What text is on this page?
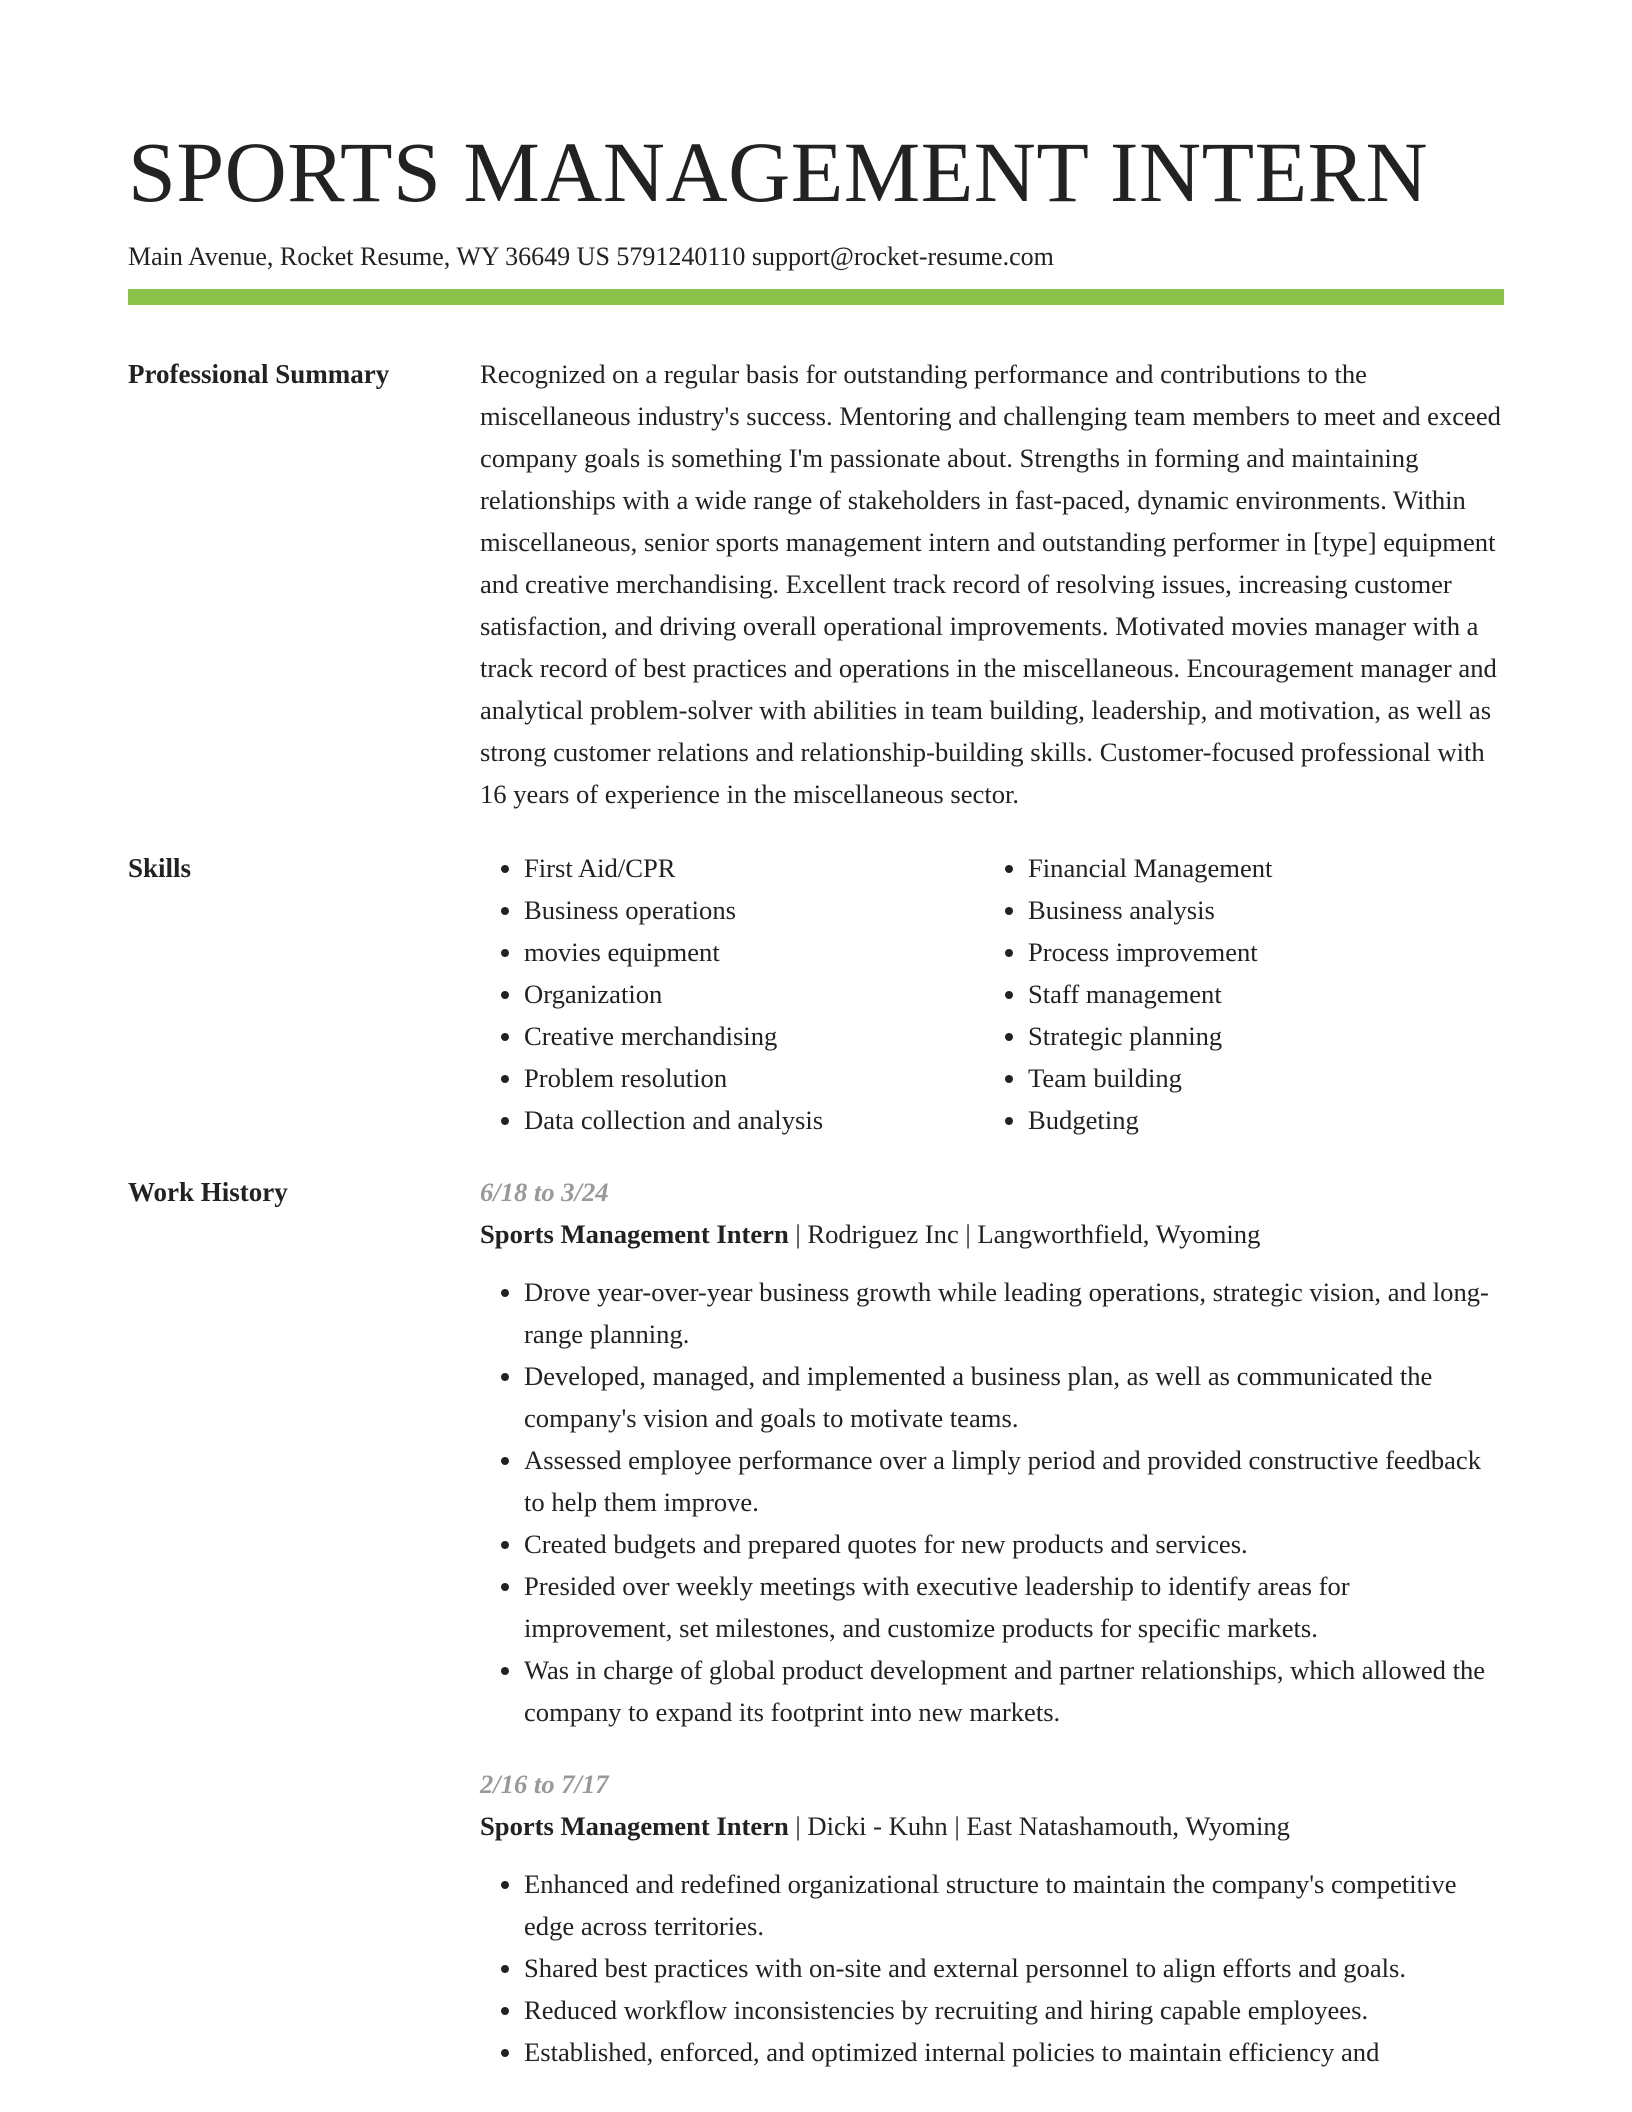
SPORTS MANAGEMENT INTERN
Main Avenue, Rocket Resume, WY 36649 US 5791240110 support@rocket-resume.com
Professional Summary	Recognized on a regular basis for outstanding performance and contributions to the miscellaneous industry's success. Mentoring and challenging team members to meet and exceed company goals is something I'm passionate about. Strengths in forming and maintaining relationships with a wide range of stakeholders in fast-paced, dynamic environments. Within miscellaneous, senior sports management intern and outstanding performer in [type] equipment and creative merchandising. Excellent track record of resolving issues, increasing customer satisfaction, and driving overall operational improvements. Motivated movies manager with a track record of best practices and operations in the miscellaneous. Encouragement manager and analytical problem-solver with abilities in team building, leadership, and motivation, as well as strong customer relations and relationship-building skills. Customer-focused professional with 16 years of experience in the miscellaneous sector.

Skills
•	First Aid/CPR
• Business operations
• movies equipment
• Organization
• Creative merchandising
• Problem resolution
• Data collection and analysis
• Financial Management
• Business analysis
• Process improvement
• Staff management
• Strategic planning
• Team building
• Budgeting
Work History	6/18 to 3/24
Sports Management Intern | Rodriguez Inc | Langworthfield, Wyoming
• Drove year-over-year business growth while leading operations, strategic vision, and long-range planning.
• Developed, managed, and implemented a business plan, as well as communicated the company's vision and goals to motivate teams.
• Assessed employee performance over a limply period and provided constructive feedback to help them improve.
• Created budgets and prepared quotes for new products and services.
• Presided over weekly meetings with executive leadership to identify areas for improvement, set milestones, and customize products for specific markets.
• Was in charge of global product development and partner relationships, which allowed the company to expand its footprint into new markets.
2/16 to 7/17
Sports Management Intern | Dicki - Kuhn | East Natashamouth, Wyoming
• Enhanced and redefined organizational structure to maintain the company's competitive edge across territories.
• Shared best practices with on-site and external personnel to align efforts and goals.
• Reduced workflow inconsistencies by recruiting and hiring capable employees.
• Established, enforced, and optimized internal policies to maintain efficiency and
